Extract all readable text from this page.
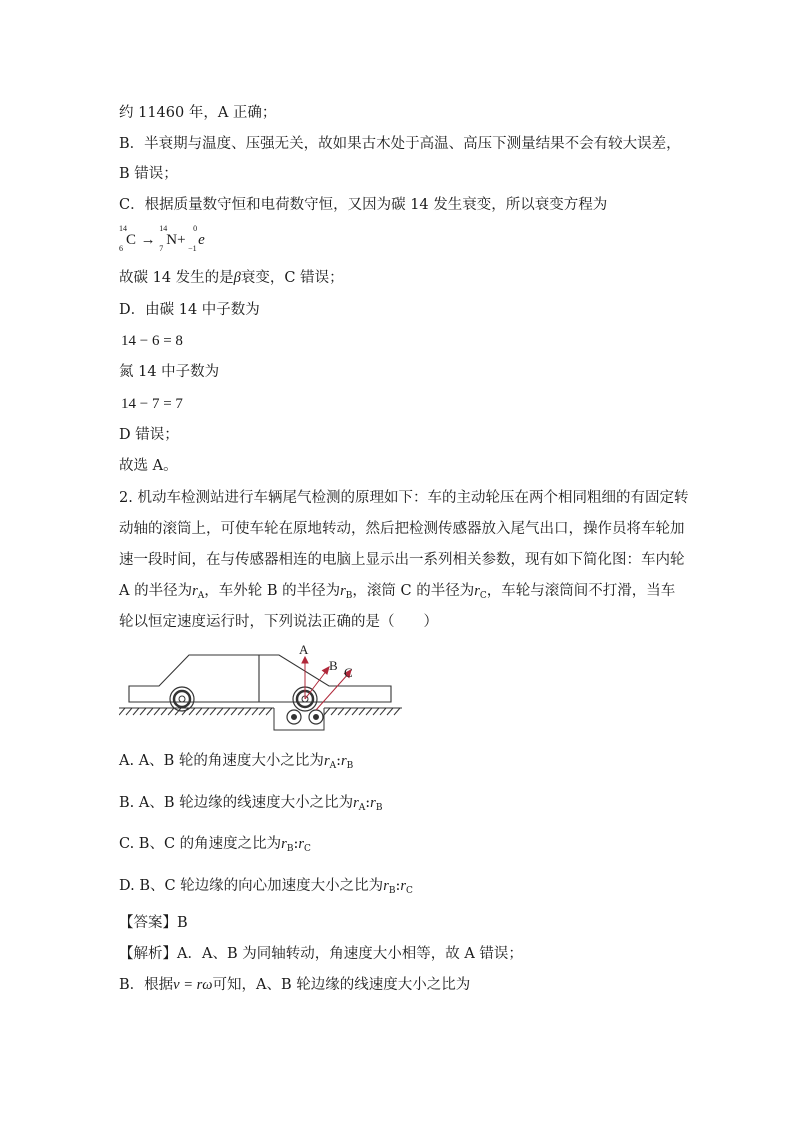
约 11460 年，A 正确；
B．半衰期与温度、压强无关，故如果古木处于高温、高压下测量结果不会有较大误差，
B 错误；
C．根据质量数守恒和电荷数守恒，又因为碳 14 发生衰变，所以衰变方程为
14
6
C →
14
7
N+
0
−1
e
故碳 14 发生的是β衰变，C 错误；
D．由碳 14 中子数为
14 − 6 = 8
氮 14 中子数为
14 − 7 = 7
D 错误；
故选 A。
2. 机动车检测站进行车辆尾气检测的原理如下：车的主动轮压在两个相同粗细的有固定转
动轴的滚筒上，可使车轮在原地转动，然后把检测传感器放入尾气出口，操作员将车轮加
速一段时间，在与传感器相连的电脑上显示出一系列相关参数，现有如下简化图：车内轮
A 的半径为$r_A$，车外轮 B 的半径为$r_B$，滚筒 C 的半径为$r_C$，车轮与滚筒间不打滑，当车
轮以恒定速度运行时，下列说法正确的是（　　）
A
B C
A. A、B 轮的角速度大小之比为$r_A:r_B$
B. A、B 轮边缘的线速度大小之比为$r_A:r_B$
C. B、C 的角速度之比为$r_B:r_C$
D. B、C 轮边缘的向心加速度大小之比为$r_B:r_C$
【答案】B
【解析】A．A、B 为同轴转动，角速度大小相等，故 A 错误；
B．根据v = rω可知，A、B 轮边缘的线速度大小之比为
